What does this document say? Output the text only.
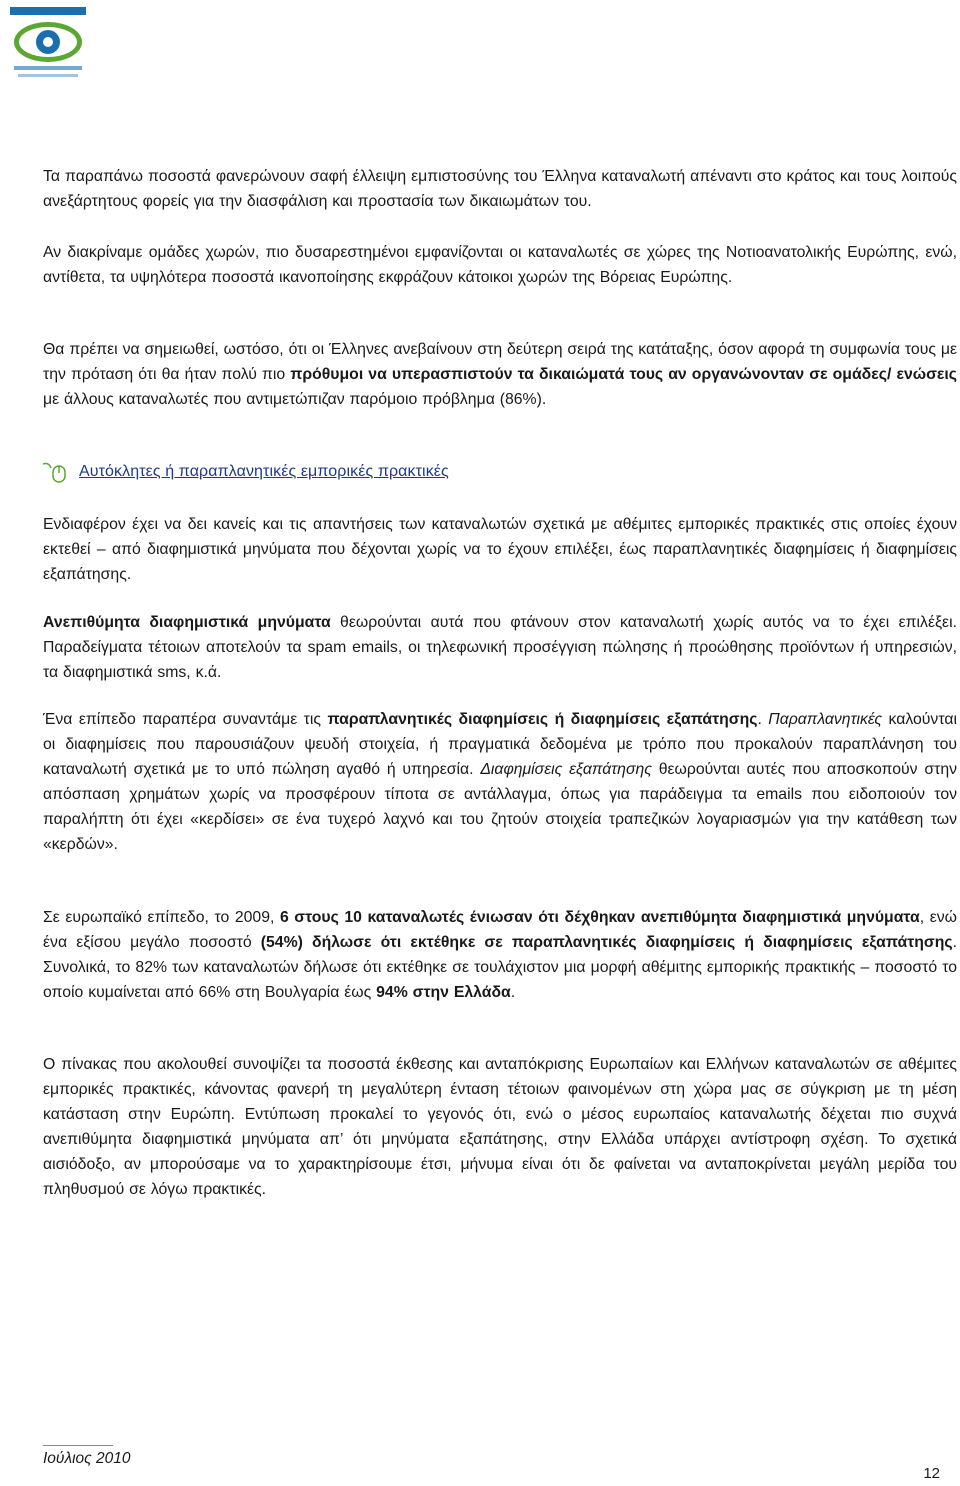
Τα παραπάνω ποσοστά φανερώνουν σαφή έλλειψη εμπιστοσύνης του Έλληνα καταναλωτή απέναντι στο κράτος και τους λοιπούς ανεξάρτητους φορείς για την διασφάλιση και προστασία των δικαιωμάτων του.

Αν διακρίναμε ομάδες χωρών, πιο δυσαρεστημένοι εμφανίζονται οι καταναλωτές σε χώρες της Νοτιοανατολικής Ευρώπης, ενώ, αντίθετα, τα υψηλότερα ποσοστά ικανοποίησης εκφράζουν κάτοικοι χωρών της Βόρειας Ευρώπης.

Θα πρέπει να σημειωθεί, ωστόσο, ότι οι Έλληνες ανεβαίνουν στη δεύτερη σειρά της κατάταξης, όσον αφορά τη συμφωνία τους με την πρόταση ότι θα ήταν πολύ πιο πρόθυμοι να υπερασπιστούν τα δικαιώματά τους αν οργανώνονταν σε ομάδες/ ενώσεις με άλλους καταναλωτές που αντιμετώπιζαν παρόμοιο πρόβλημα (86%).

Αυτόκλητες ή παραπλανητικές εμπορικές πρακτικές

Ενδιαφέρον έχει να δει κανείς και τις απαντήσεις των καταναλωτών σχετικά με αθέμιτες εμπορικές πρακτικές στις οποίες έχουν εκτεθεί – από διαφημιστικά μηνύματα που δέχονται χωρίς να το έχουν επιλέξει, έως παραπλανητικές διαφημίσεις ή διαφημίσεις εξαπάτησης.

Ανεπιθύμητα διαφημιστικά μηνύματα θεωρούνται αυτά που φτάνουν στον καταναλωτή χωρίς αυτός να το έχει επιλέξει. Παραδείγματα τέτοιων αποτελούν τα spam emails, οι τηλεφωνική προσέγγιση πώλησης ή προώθησης προϊόντων ή υπηρεσιών, τα διαφημιστικά sms, κ.ά.

Ένα επίπεδο παραπέρα συναντάμε τις παραπλανητικές διαφημίσεις ή διαφημίσεις εξαπάτησης. Παραπλανητικές καλούνται οι διαφημίσεις που παρουσιάζουν ψευδή στοιχεία, ή πραγματικά δεδομένα με τρόπο που προκαλούν παραπλάνηση του καταναλωτή σχετικά με το υπό πώληση αγαθό ή υπηρεσία. Διαφημίσεις εξαπάτησης θεωρούνται αυτές που αποσκοπούν στην απόσπαση χρημάτων χωρίς να προσφέρουν τίποτα σε αντάλλαγμα, όπως για παράδειγμα τα emails που ειδοποιούν τον παραλήπτη ότι έχει «κερδίσει» σε ένα τυχερό λαχνό και του ζητούν στοιχεία τραπεζικών λογαριασμών για την κατάθεση των «κερδών».

Σε ευρωπαϊκό επίπεδο, το 2009, 6 στους 10 καταναλωτές ένιωσαν ότι δέχθηκαν ανεπιθύμητα διαφημιστικά μηνύματα, ενώ ένα εξίσου μεγάλο ποσοστό (54%) δήλωσε ότι εκτέθηκε σε παραπλανητικές διαφημίσεις ή διαφημίσεις εξαπάτησης. Συνολικά, το 82% των καταναλωτών δήλωσε ότι εκτέθηκε σε τουλάχιστον μια μορφή αθέμιτης εμπορικής πρακτικής – ποσοστό το οποίο κυμαίνεται από 66% στη Βουλγαρία έως 94% στην Ελλάδα.

Ο πίνακας που ακολουθεί συνοψίζει τα ποσοστά έκθεσης και ανταπόκρισης Ευρωπαίων και Ελλήνων καταναλωτών σε αθέμιτες εμπορικές πρακτικές, κάνοντας φανερή τη μεγαλύτερη ένταση τέτοιων φαινομένων στη χώρα μας σε σύγκριση με τη μέση κατάσταση στην Ευρώπη. Εντύπωση προκαλεί το γεγονός ότι, ενώ ο μέσος ευρωπαίος καταναλωτής δέχεται πιο συχνά ανεπιθύμητα διαφημιστικά μηνύματα απ’ ότι μηνύματα εξαπάτησης, στην Ελλάδα υπάρχει αντίστροφη σχέση. Το σχετικά αισιόδοξο, αν μπορούσαμε να το χαρακτηρίσουμε έτσι, μήνυμα είναι ότι δε φαίνεται να ανταποκρίνεται μεγάλη μερίδα του πληθυσμού σε λόγω πρακτικές.

Ιούλιος 2010
12
